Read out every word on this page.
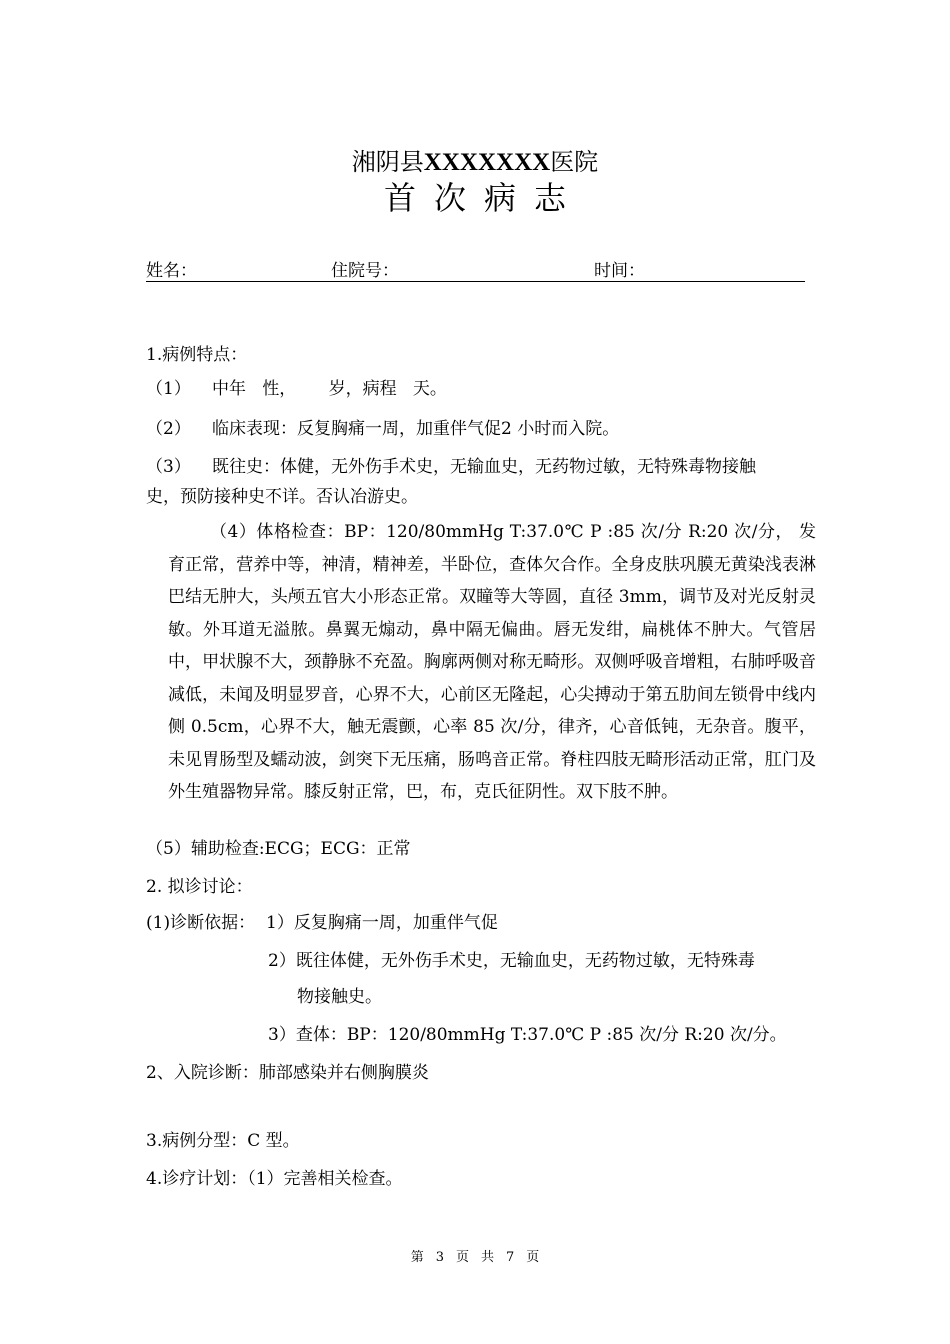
湘阴县XXXXXXX医院
首次病志
姓名：	住院号：	时间：
1.病例特点：
（1） 中年   性，      岁，病程   天。
（2） 临床表现：反复胸痛一周，加重伴气促2 小时而入院。
（3） 既往史：体健，无外伤手术史，无输血史，无药物过敏，无特殊毒物接触
史，预防接种史不详。否认冶游史。

（4）体格检查：BP：120/80mmHg T:37.0℃ P :85 次/分 R:20 次/分， 发育正常，营养中等，神清，精神差，半卧位，查体欠合作。全身皮肤巩膜无黄染浅表淋巴结无肿大，头颅五官大小形态正常。双瞳等大等圆，直径 3mm，调节及对光反射灵敏。外耳道无溢脓。鼻翼无煽动，鼻中隔无偏曲。唇无发绀，扁桃体不肿大。气管居中，甲状腺不大，颈静脉不充盈。胸廓两侧对称无畸形。双侧呼吸音增粗，右肺呼吸音减低，未闻及明显罗音，心界不大，心前区无隆起，心尖搏动于第五肋间左锁骨中线内侧 0.5cm，心界不大，触无震颤，心率 85 次/分，律齐，心音低钝，无杂音。腹平，未见胃肠型及蠕动波，剑突下无压痛，肠鸣音正常。脊柱四肢无畸形活动正常，肛门及外生殖器物异常。膝反射正常，巴，布，克氏征阴性。双下肢不肿。

（5）辅助检查:ECG；ECG：正常
2. 拟诊讨论：
(1)诊断依据： 1）反复胸痛一周，加重伴气促
2）既往体健，无外伤手术史，无输血史，无药物过敏，无特殊毒
物接触史。
3）查体：BP：120/80mmHg T:37.0℃ P :85 次/分 R:20 次/分。
2、入院诊断：肺部感染并右侧胸膜炎
3.病例分型：C 型。
4.诊疗计划：（1）完善相关检查。
第 3 页 共 7 页
